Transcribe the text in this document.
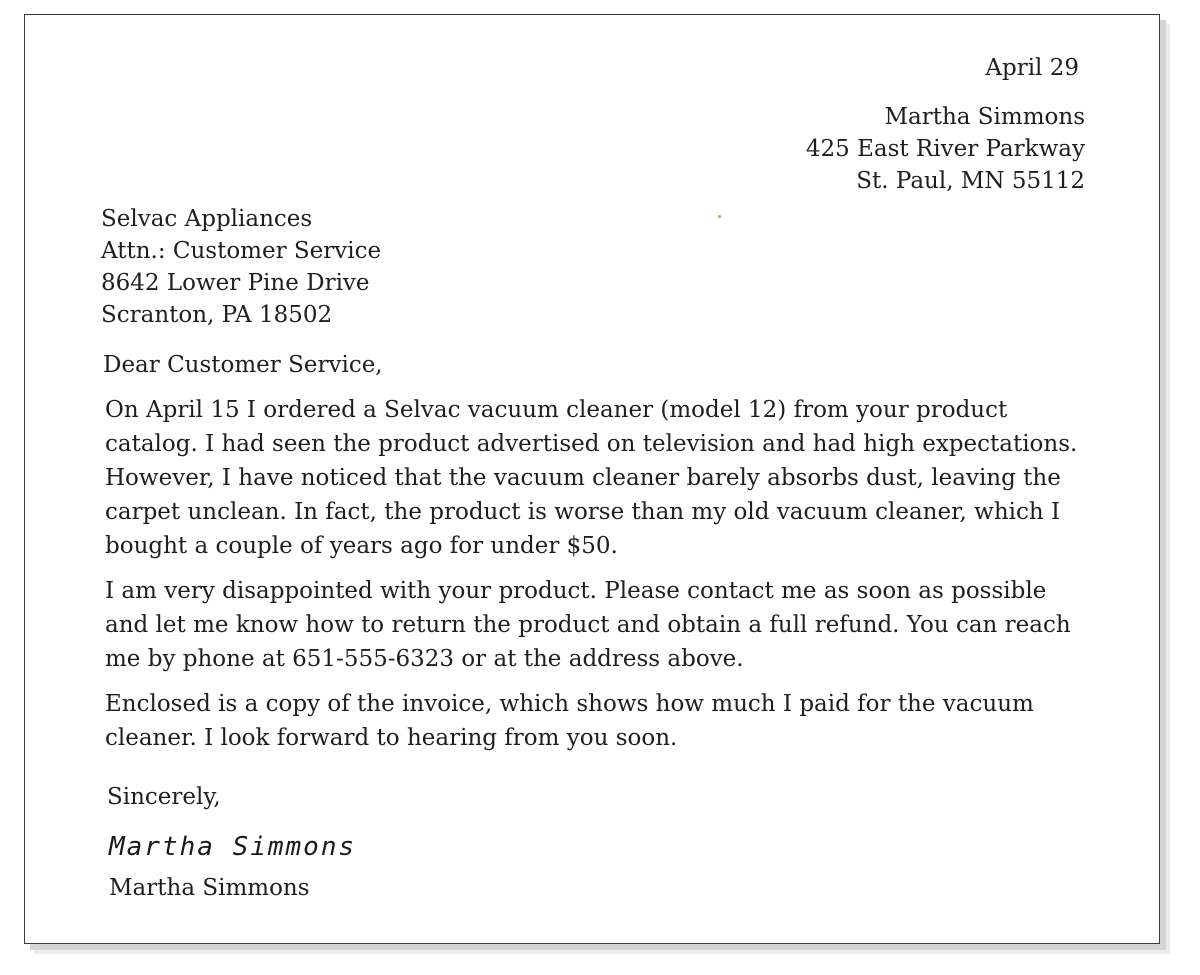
April 29
Martha Simmons
425 East River Parkway
St. Paul, MN 55112
Selvac Appliances
Attn.: Customer Service
8642 Lower Pine Drive
Scranton, PA 18502
Dear Customer Service,

On April 15 I ordered a Selvac vacuum cleaner (model 12) from your product catalog. I had seen the product advertised on television and had high expectations. However, I have noticed that the vacuum cleaner barely absorbs dust, leaving the carpet unclean. In fact, the product is worse than my old vacuum cleaner, which I bought a couple of years ago for under $50.

I am very disappointed with your product. Please contact me as soon as possible and let me know how to return the product and obtain a full refund. You can reach me by phone at 651-555-6323 or at the address above.

Enclosed is a copy of the invoice, which shows how much I paid for the vacuum cleaner. I look forward to hearing from you soon.

Sincerely,
Martha Simmons
Martha Simmons
